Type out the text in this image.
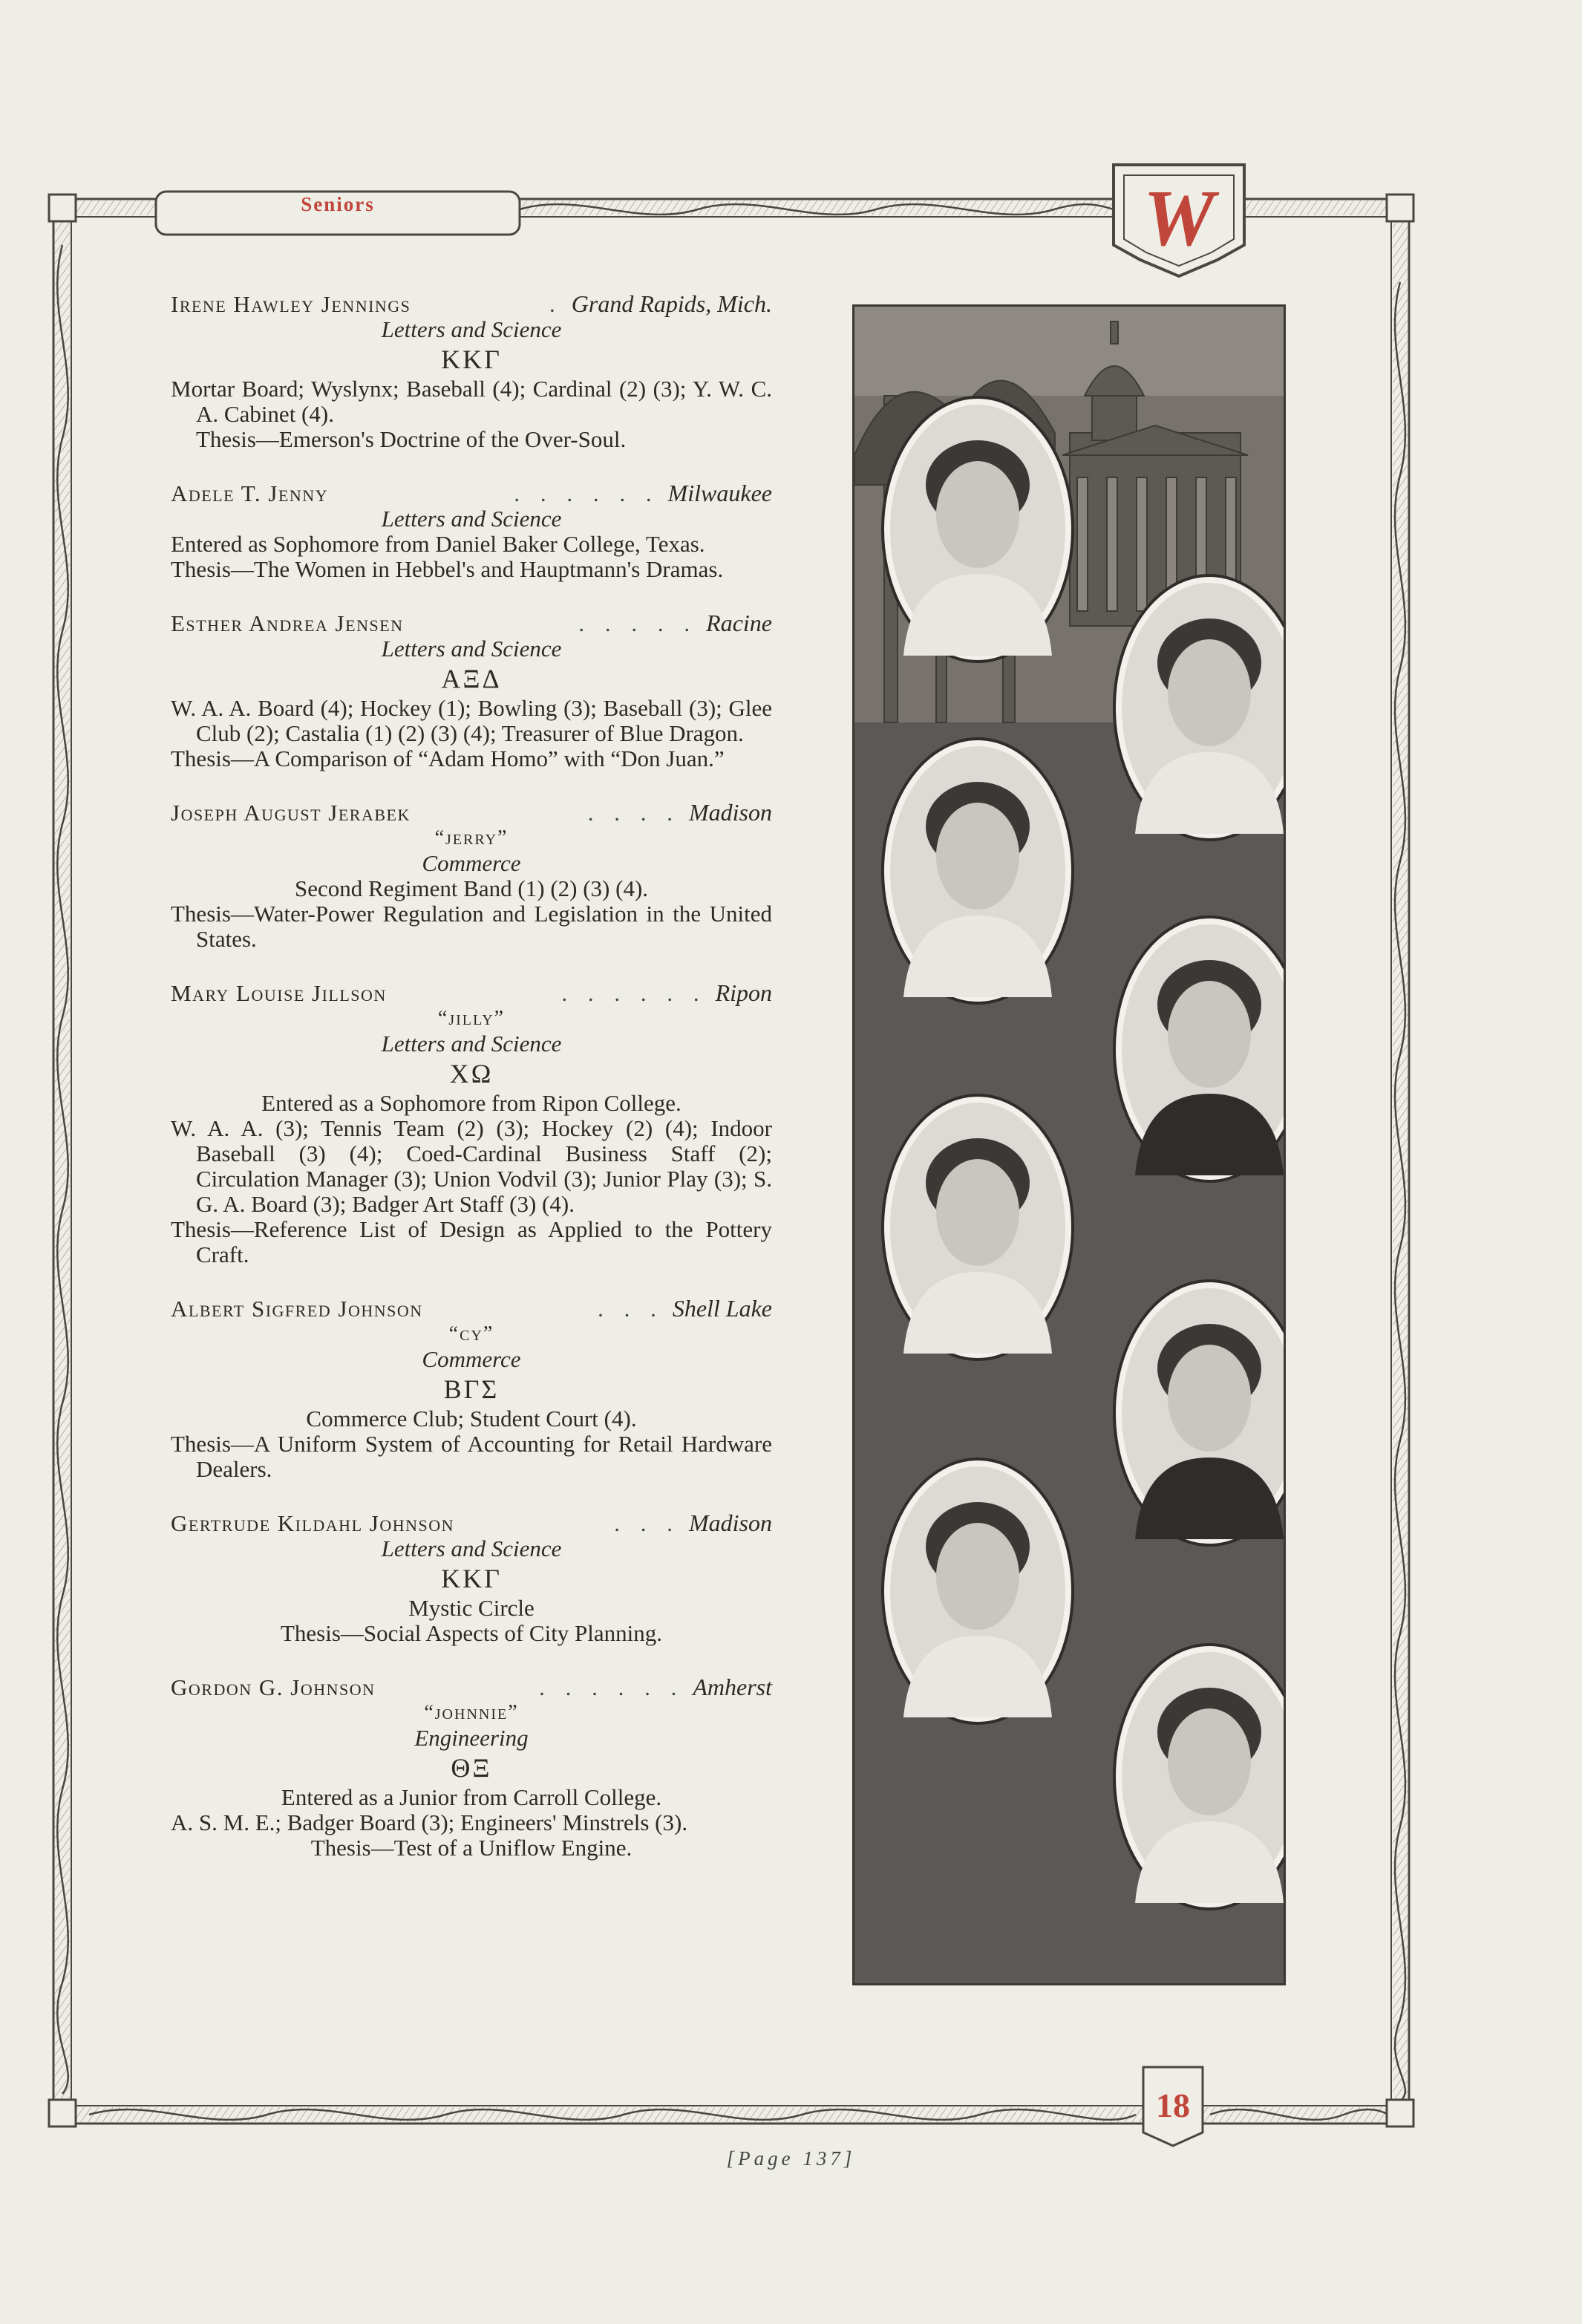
W
Seniors
18
[Page 137]
Irene Hawley Jennings	. Grand Rapids, Mich.
Letters and Science
ΚΚΓ
Mortar Board; Wyslynx; Baseball (4); Cardinal (2) (3); Y. W. C. A. Cabinet (4).
Thesis—Emerson's Doctrine of the Over-Soul.
Adele T. Jenny	. . . . . . Milwaukee
Letters and Science
Entered as Sophomore from Daniel Baker College, Texas.
Thesis—The Women in Hebbel's and Hauptmann's Dramas.
Esther Andrea Jensen	. . . . . Racine
Letters and Science
ΑΞΔ
W. A. A. Board (4); Hockey (1); Bowling (3); Baseball (3); Glee Club (2); Castalia (1) (2) (3) (4); Treasurer of Blue Dragon.
Thesis—A Comparison of “Adam Homo” with “Don Juan.”
Joseph August Jerabek	. . . . Madison
“jerry”
Commerce
Second Regiment Band (1) (2) (3) (4).
Thesis—Water-Power Regulation and Legislation in the United States.
Mary Louise Jillson	. . . . . . Ripon
“jilly”
Letters and Science
ΧΩ
Entered as a Sophomore from Ripon College.
W. A. A. (3); Tennis Team (2) (3); Hockey (2) (4); Indoor Baseball (3) (4); Coed-Cardinal Business Staff (2); Circulation Manager (3); Union Vodvil (3); Junior Play (3); S. G. A. Board (3); Badger Art Staff (3) (4).
Thesis—Reference List of Design as Applied to the Pottery Craft.
Albert Sigfred Johnson	. . . Shell Lake
“cy”
Commerce
ΒΓΣ
Commerce Club; Student Court (4).
Thesis—A Uniform System of Accounting for Retail Hardware Dealers.
Gertrude Kildahl Johnson	. . . Madison
Letters and Science
ΚΚΓ
Mystic Circle
Thesis—Social Aspects of City Planning.
Gordon G. Johnson	. . . . . . Amherst
“johnnie”
Engineering
ΘΞ
Entered as a Junior from Carroll College.
A. S. M. E.; Badger Board (3); Engineers' Minstrels (3).
Thesis—Test of a Uniflow Engine.
